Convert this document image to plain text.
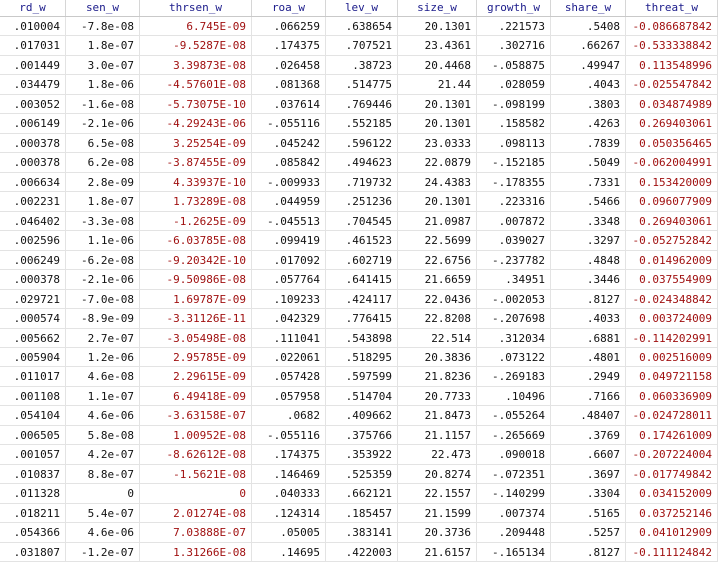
rd_w	sen_w	thrsen_w	roa_w	lev_w	size_w	growth_w	share_w	threat_w
.010004	-7.8e-08	6.745E-09	.066259	.638654	20.1301	.221573	.5408	-0.086687842
.017031	1.8e-07	-9.5287E-08	.174375	.707521	23.4361	.302716	.66267	-0.533338842
.001449	3.0e-07	3.39873E-08	.026458	.38723	20.4468	-.058875	.49947	0.113548996
.034479	1.8e-06	-4.57601E-08	.081368	.514775	21.44	.028059	.4043	-0.025547842
.003052	-1.6e-08	-5.73075E-10	.037614	.769446	20.1301	-.098199	.3803	0.034874989
.006149	-2.1e-06	-4.29243E-06	-.055116	.552185	20.1301	.158582	.4263	0.269403061
.000378	6.5e-08	3.25254E-09	.045242	.596122	23.0333	.098113	.7839	0.050356465
.000378	6.2e-08	-3.87455E-09	.085842	.494623	22.0879	-.152185	.5049	-0.062004991
.006634	2.8e-09	4.33937E-10	-.009933	.719732	24.4383	-.178355	.7331	0.153420009
.002231	1.8e-07	1.73289E-08	.044959	.251236	20.1301	.223316	.5466	0.096077909
.046402	-3.3e-08	-1.2625E-09	-.045513	.704545	21.0987	.007872	.3348	0.269403061
.002596	1.1e-06	-6.03785E-08	.099419	.461523	22.5699	.039027	.3297	-0.052752842
.006249	-6.2e-08	-9.20342E-10	.017092	.602719	22.6756	-.237782	.4848	0.014962009
.000378	-2.1e-06	-9.50986E-08	.057764	.641415	21.6659	.34951	.3446	0.037554909
.029721	-7.0e-08	1.69787E-09	.109233	.424117	22.0436	-.002053	.8127	-0.024348842
.000574	-8.9e-09	-3.31126E-11	.042329	.776415	22.8208	-.207698	.4033	0.003724009
.005662	2.7e-07	-3.05498E-08	.111041	.543898	22.514	.312034	.6881	-0.114202991
.005904	1.2e-06	2.95785E-09	.022061	.518295	20.3836	.073122	.4801	0.002516009
.011017	4.6e-08	2.29615E-09	.057428	.597599	21.8236	-.269183	.2949	0.049721158
.001108	1.1e-07	6.49418E-09	.057958	.514704	20.7733	.10496	.7166	0.060336909
.054104	4.6e-06	-3.63158E-07	.0682	.409662	21.8473	-.055264	.48407	-0.024728011
.006505	5.8e-08	1.00952E-08	-.055116	.375766	21.1157	-.265669	.3769	0.174261009
.001057	4.2e-07	-8.62612E-08	.174375	.353922	22.473	.090018	.6607	-0.207224004
.010837	8.8e-07	-1.5621E-08	.146469	.525359	20.8274	-.072351	.3697	-0.017749842
.011328	0	0	.040333	.662121	22.1557	-.140299	.3304	0.034152009
.018211	5.4e-07	2.01274E-08	.124314	.185457	21.1599	.007374	.5165	0.037252146
.054366	4.6e-06	7.03888E-07	.05005	.383141	20.3736	.209448	.5257	0.041012909
.031807	-1.2e-07	1.31266E-08	.14695	.422003	21.6157	-.165134	.8127	-0.111124842
